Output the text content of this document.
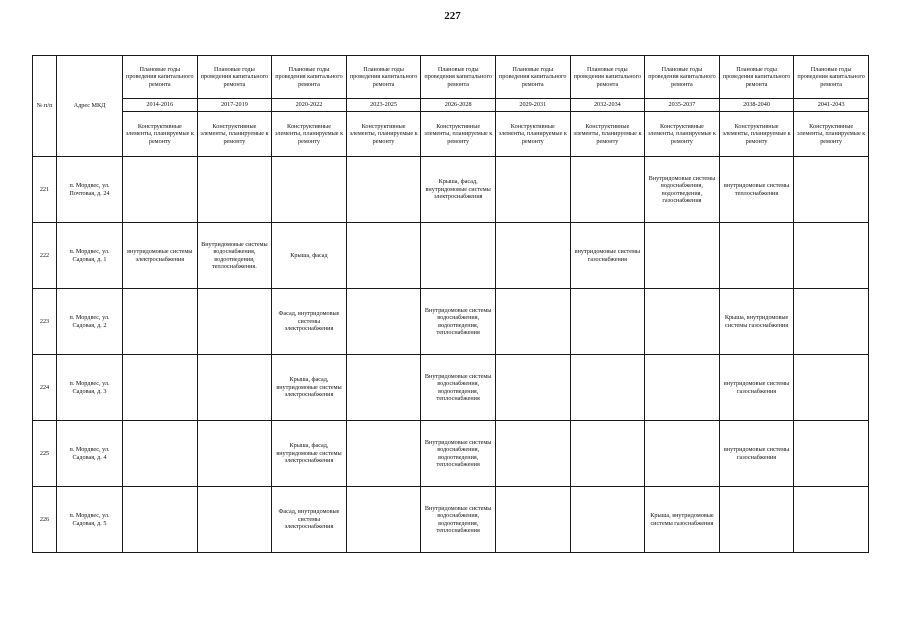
227
№ п/п	Адрес МКД	Плановые годы проведения капитального ремонта	Плановые годы проведения капитального ремонта	Плановые годы проведения капитального ремонта	Плановые годы проведения капитального ремонта	Плановые годы проведения капитального ремонта	Плановые годы проведения капитального ремонта	Плановые годы проведения капитального ремонта	Плановые годы проведения капитального ремонта	Плановые годы проведения капитального ремонта	Плановые годы проведения капитального ремонта
		2014-2016	2017-2019	2020-2022	2023-2025	2026-2028	2029-2031	2032-2034	2035-2037	2038-2040	2041-2043
		Конструктивные элементы, планируемые к ремонту	Конструктивные элементы, планируемые к ремонту	Конструктивные элементы, планируемые к ремонту	Конструктивные элементы, планируемые к ремонту	Конструктивные элементы, планируемые к ремонту	Конструктивные элементы, планируемые к ремонту	Конструктивные элементы, планируемые к ремонту	Конструктивные элементы, планируемые к ремонту	Конструктивные элементы, планируемые к ремонту	Конструктивные элементы, планируемые к ремонту
221	п. Мордвес, ул. Почтовая, д. 24					Крыша, фасад, внутридомовые системы электроснабжения			Внутридомовые системы водоснабжения, водоотведения, газоснабжения	внутридомовые системы теплоснабжения	
222	п. Мордвес, ул. Садовая, д. 1	внутридомовые системы электроснабжения	Внутридомовые системы водоснабжения, водоотведения, теплоснабжения.	Крыша, фасад				внутридомовые системы газоснабжения			
223	п. Мордвес, ул. Садовая, д. 2			Фасад, внутридомовые системы электроснабжения		Внутридомовые системы водоснабжения, водоотведения, теплоснабжения				Крыша, внутридомовые системы газоснабжения	
224	п. Мордвес, ул. Садовая, д. 3			Крыша, фасад, внутридомовые системы электроснабжения		Внутридомовые системы водоснабжения, водоотведения, теплоснабжения				внутридомовые системы газоснабжения	
225	п. Мордвес, ул. Садовая, д. 4			Крыша, фасад, внутридомовые системы электроснабжения		Внутридомовые системы водоснабжения, водоотведения, теплоснабжения				внутридомовые системы газоснабжения	
226	п. Мордвес, ул. Садовая, д. 5			Фасад, внутридомовые системы электроснабжения		Внутридомовые системы водоснабжения, водоотведения, теплоснабжения			Крыша, внутридомовые системы газоснабжения		
